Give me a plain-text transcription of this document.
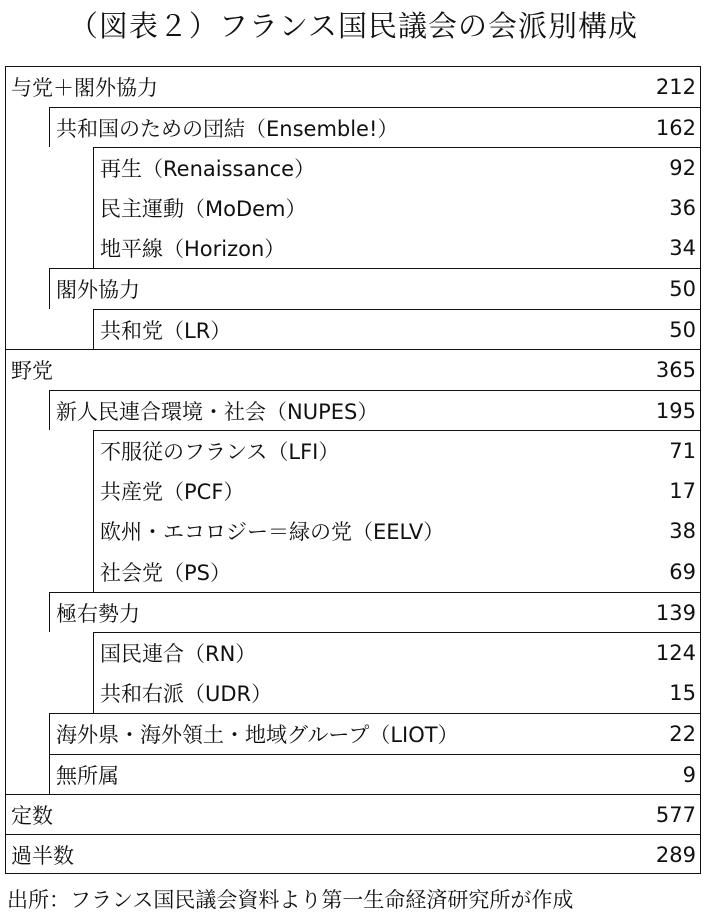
（図表２）フランス国民議会の会派別構成
与党＋閣外協力	212
共和国のための団結（Ensemble!）	162
再生（Renaissance）	92
民主運動（MoDem）	36
地平線（Horizon）	34
閣外協力	50
共和党（LR）	50
野党	365
新人民連合環境・社会（NUPES）	195
不服従のフランス（LFI）	71
共産党（PCF）	17
欧州・エコロジー＝緑の党（EELV）	38
社会党（PS）	69
極右勢力	139
国民連合（RN）	124
共和右派（UDR）	15
海外県・海外領土・地域グループ（LIOT）	22
無所属	9
定数	577
過半数	289
出所：フランス国民議会資料より第一生命経済研究所が作成
